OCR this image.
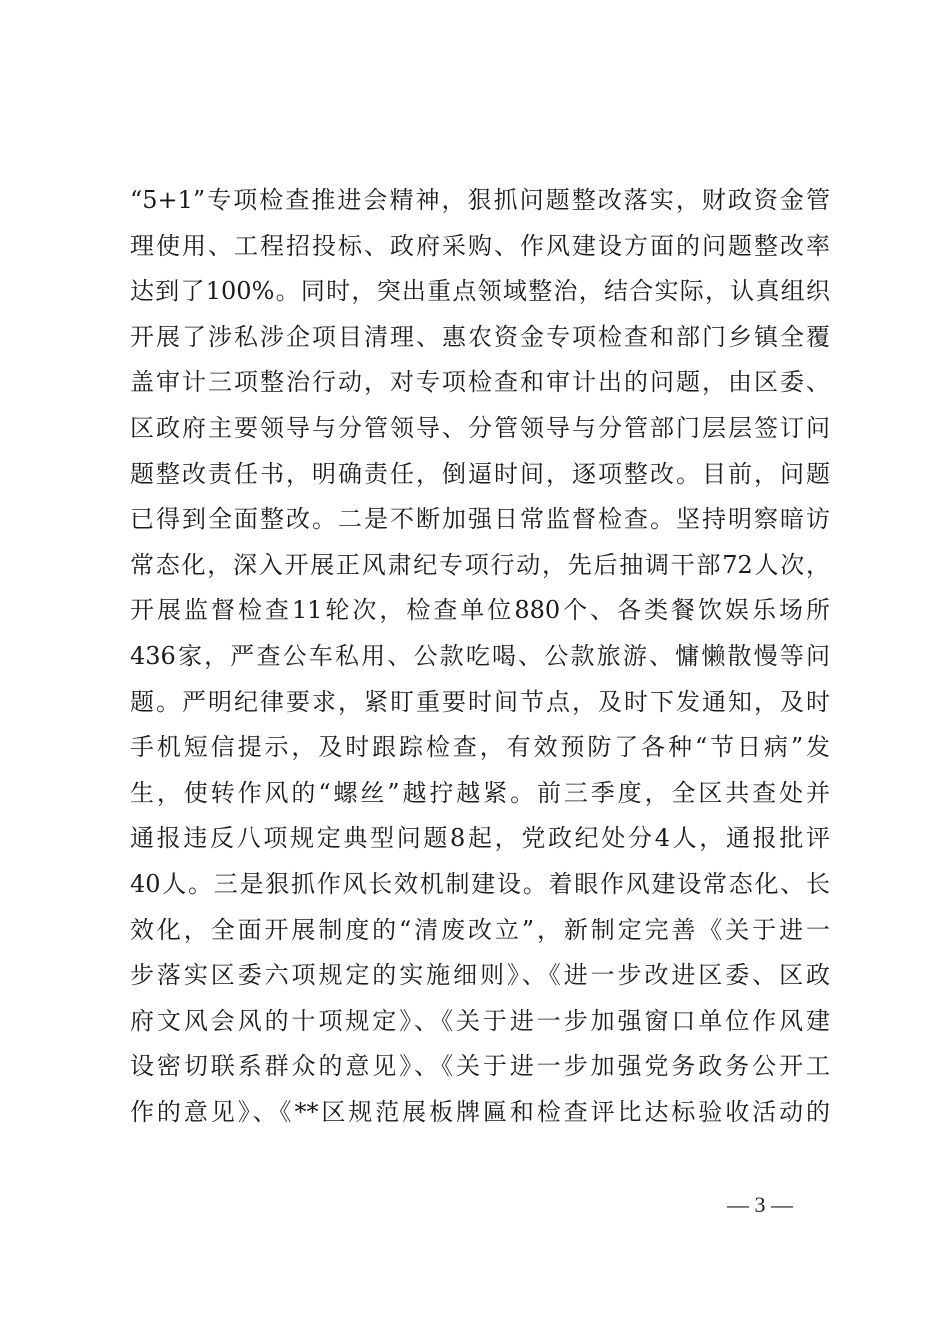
“5+1”专项检查推进会精神，狠抓问题整改落实，财政资金管
理使用、工程招投标、政府采购、作风建设方面的问题整改率
达到了100%。同时，突出重点领域整治，结合实际，认真组织
开展了涉私涉企项目清理、惠农资金专项检查和部门乡镇全覆
盖审计三项整治行动，对专项检查和审计出的问题，由区委、
区政府主要领导与分管领导、分管领导与分管部门层层签订问
题整改责任书，明确责任，倒逼时间，逐项整改。目前，问题
已得到全面整改。二是不断加强日常监督检查。坚持明察暗访
常态化，深入开展正风肃纪专项行动，先后抽调干部72人次，
开展监督检查11轮次，检查单位880个、各类餐饮娱乐场所
436家，严查公车私用、公款吃喝、公款旅游、慵懒散慢等问
题。严明纪律要求，紧盯重要时间节点，及时下发通知，及时
手机短信提示，及时跟踪检查，有效预防了各种“节日病”发
生，使转作风的“螺丝”越拧越紧。前三季度，全区共查处并
通报违反八项规定典型问题8起，党政纪处分4人，通报批评
40人。三是狠抓作风长效机制建设。着眼作风建设常态化、长
效化，全面开展制度的“清废改立”，新制定完善《关于进一
步落实区委六项规定的实施细则》、《进一步改进区委、区政
府文风会风的十项规定》、《关于进一步加强窗口单位作风建
设密切联系群众的意见》、《关于进一步加强党务政务公开工
作的意见》、《**区规范展板牌匾和检查评比达标验收活动的
— 3 —
